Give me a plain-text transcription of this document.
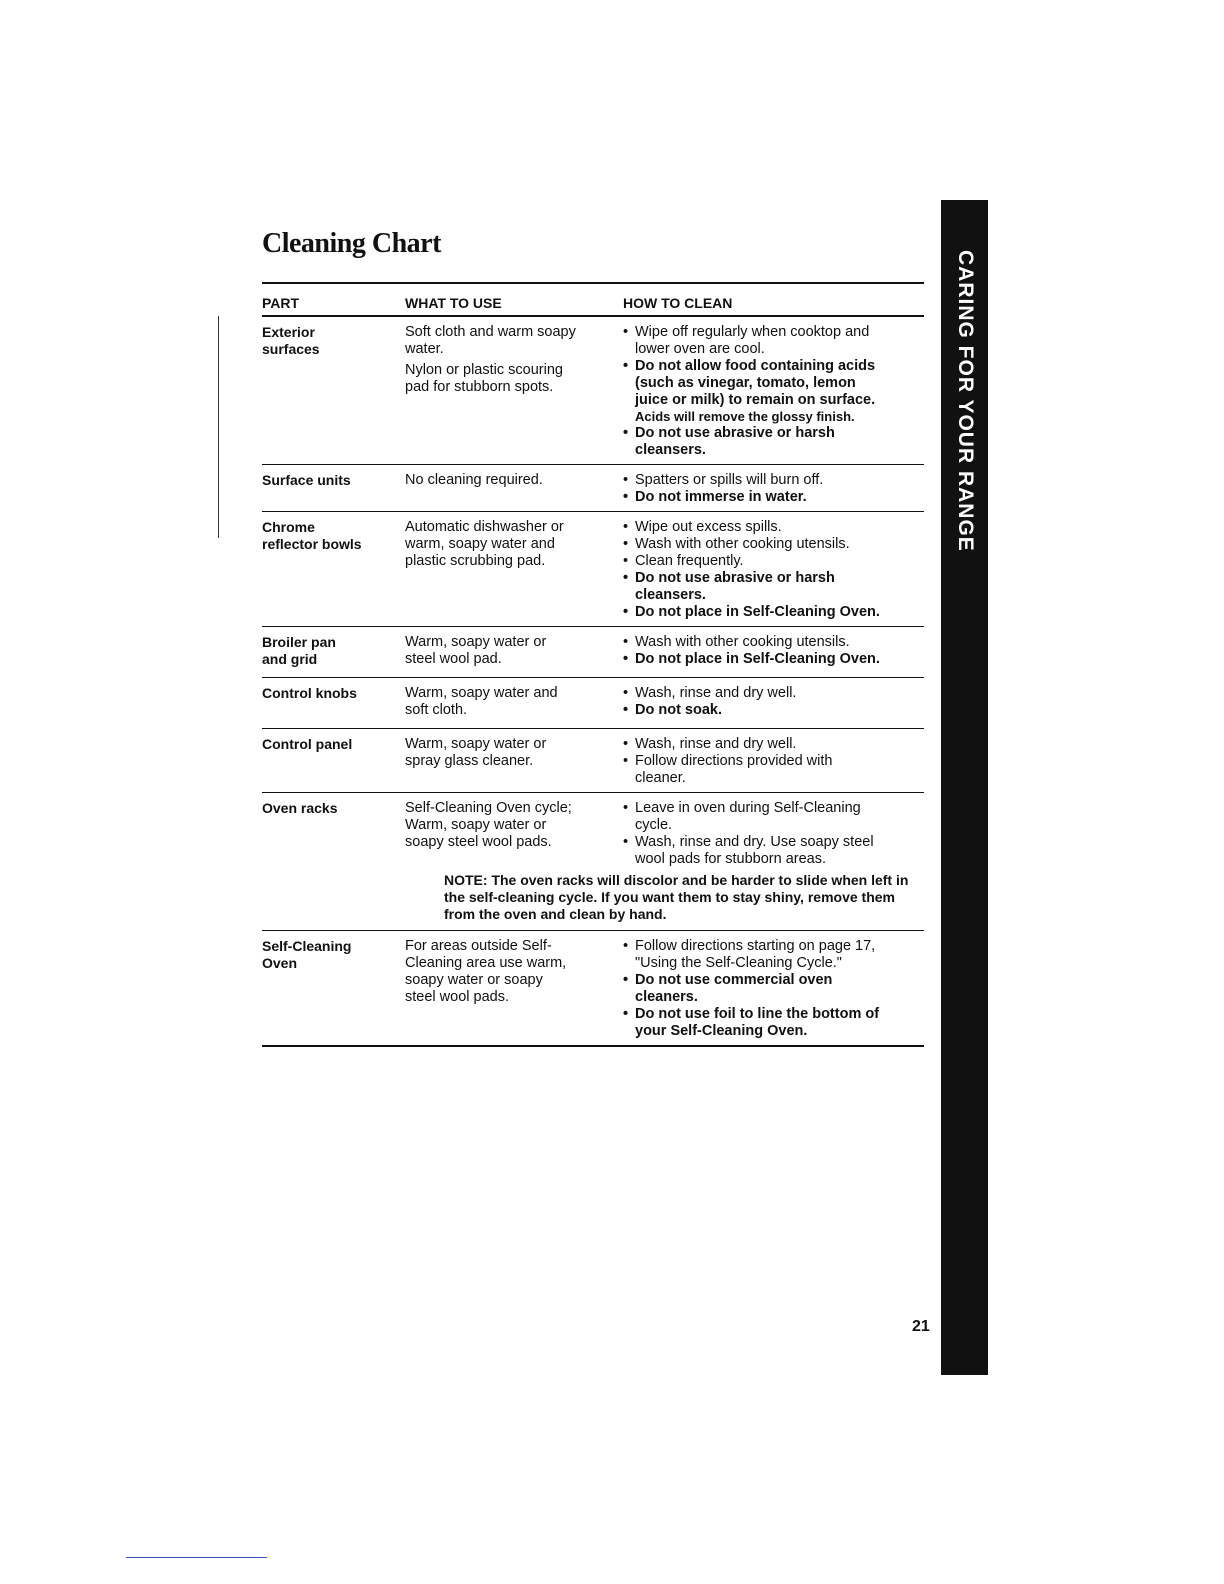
Cleaning Chart
PART	WHAT TO USE	HOW TO CLEAN
Exterior
surfaces

Soft cloth and warm soapy
water.

Nylon or plastic scouring
pad for stubborn spots.

• Wipe off regularly when cooktop and
lower oven are cool.
• Do not allow food containing acids
(such as vinegar, tomato, lemon
juice or milk) to remain on surface.
Acids will remove the glossy finish.
• Do not use abrasive or harsh
cleansers.
Surface units	No cleaning required.

•	Spatters or spills will burn off.
• Do not immerse in water.
Chrome
reflector bowls

Automatic dishwasher or
warm, soapy water and
plastic scrubbing pad.

• Wipe out excess spills.
• Wash with other cooking utensils.
• Clean frequently.
• Do not use abrasive or harsh
cleansers.
• Do not place in Self-Cleaning Oven.
Broiler pan
and grid

Warm, soapy water or
steel wool pad.

• Wash with other cooking utensils.
• Do not place in Self-Cleaning Oven.
Control knobs	Warm, soapy water and
soft cloth.

• Wash, rinse and dry well.
• Do not soak.
Control panel	Warm, soapy water or
spray glass cleaner.

• Wash, rinse and dry well.
• Follow directions provided with
cleaner.
Oven racks	Self-Cleaning Oven cycle;
Warm, soapy water or
soapy steel wool pads.

• Leave in oven during Self-Cleaning
cycle.
• Wash, rinse and dry. Use soapy steel
wool pads for stubborn areas.
NOTE: The oven racks will discolor and be harder to slide when left in the self-cleaning cycle. If you want them to stay shiny, remove them from the oven and clean by hand.
Self-Cleaning
Oven

For areas outside Self-
Cleaning area use warm,
soapy water or soapy
steel wool pads.

• Follow directions starting on page 17,
"Using the Self-Cleaning Cycle."
• Do not use commercial oven
cleaners.
• Do not use foil to line the bottom of
your Self-Cleaning Oven.
CARING FOR YOUR RANGE
21
